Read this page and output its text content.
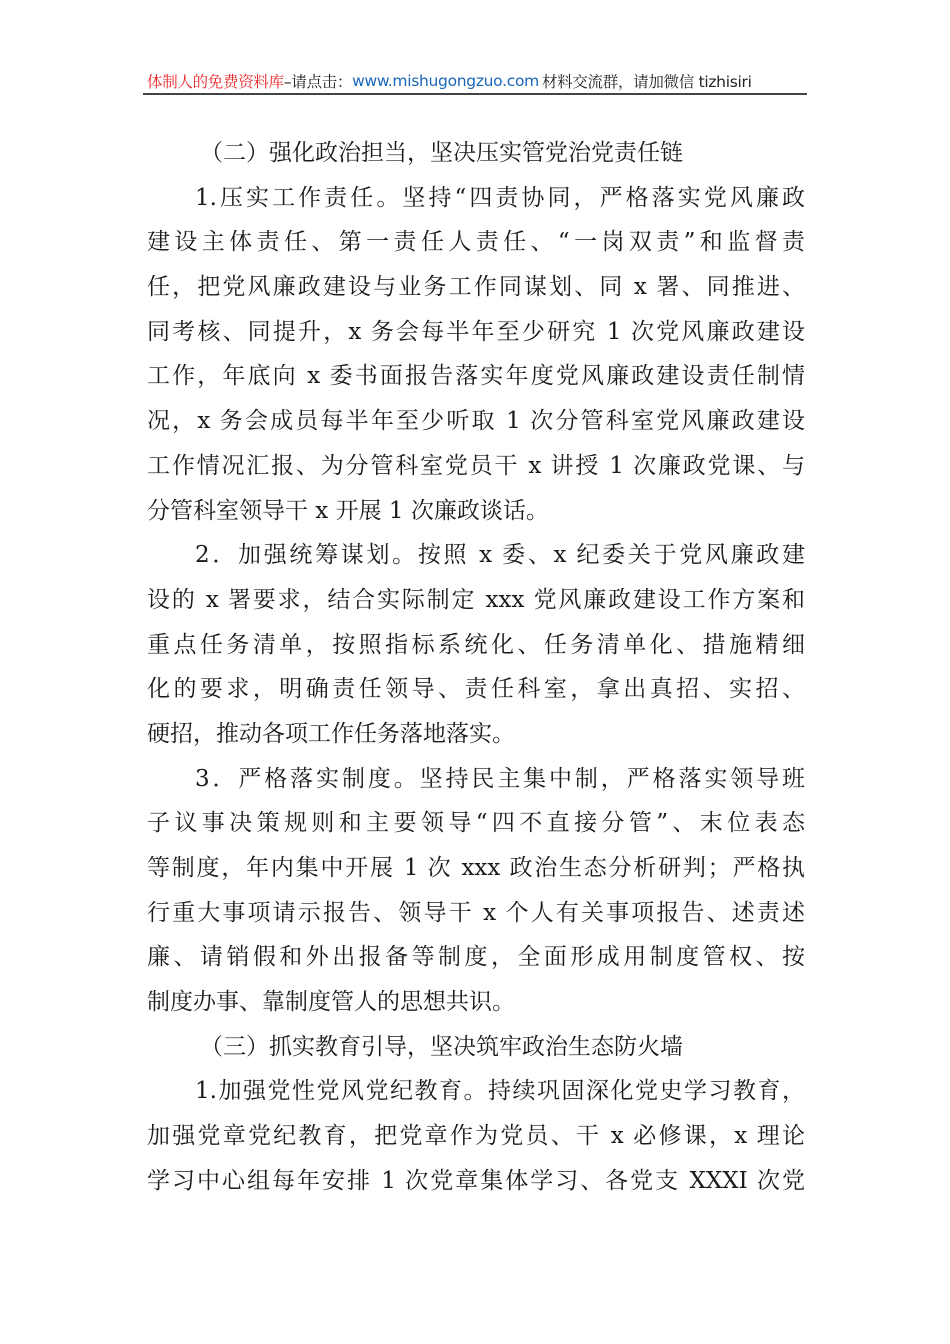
体制人的免费资料库 –请点击： www.mishugongzuo.com 材料交流群，请加微信 tizhisiri
（二）强化政治担当，坚决压实管党治党责任链
1.压实工作责任。坚持“四责协同，严格落实党风廉政
建设主体责任、第一责任人责任、“一岗双责”和监督责
任，把党风廉政建设与业务工作同谋划、同 x 署、同推进、
同考核、同提升，x 务会每半年至少研究 1 次党风廉政建设
工作，年底向 x 委书面报告落实年度党风廉政建设责任制情
况，x 务会成员每半年至少听取 1 次分管科室党风廉政建设
工作情况汇报、为分管科室党员干 x 讲授 1 次廉政党课、与
分管科室领导干 x 开展 1 次廉政谈话。
2．加强统筹谋划。按照 x 委、x 纪委关于党风廉政建
设的 x 署要求，结合实际制定 xxx 党风廉政建设工作方案和
重点任务清单，按照指标系统化、任务清单化、措施精细
化的要求，明确责任领导、责任科室，拿出真招、实招、
硬招，推动各项工作任务落地落实。
3．严格落实制度。坚持民主集中制，严格落实领导班
子议事决策规则和主要领导“四不直接分管”、末位表态
等制度，年内集中开展 1 次 xxx 政治生态分析研判；严格执
行重大事项请示报告、领导干 x 个人有关事项报告、述责述
廉、请销假和外出报备等制度，全面形成用制度管权、按
制度办事、靠制度管人的思想共识。
（三）抓实教育引导，坚决筑牢政治生态防火墙
1.加强党性党风党纪教育。持续巩固深化党史学习教育，
加强党章党纪教育，把党章作为党员、干 x 必修课，x 理论
学习中心组每年安排 1 次党章集体学习、各党支 XXXI 次党
